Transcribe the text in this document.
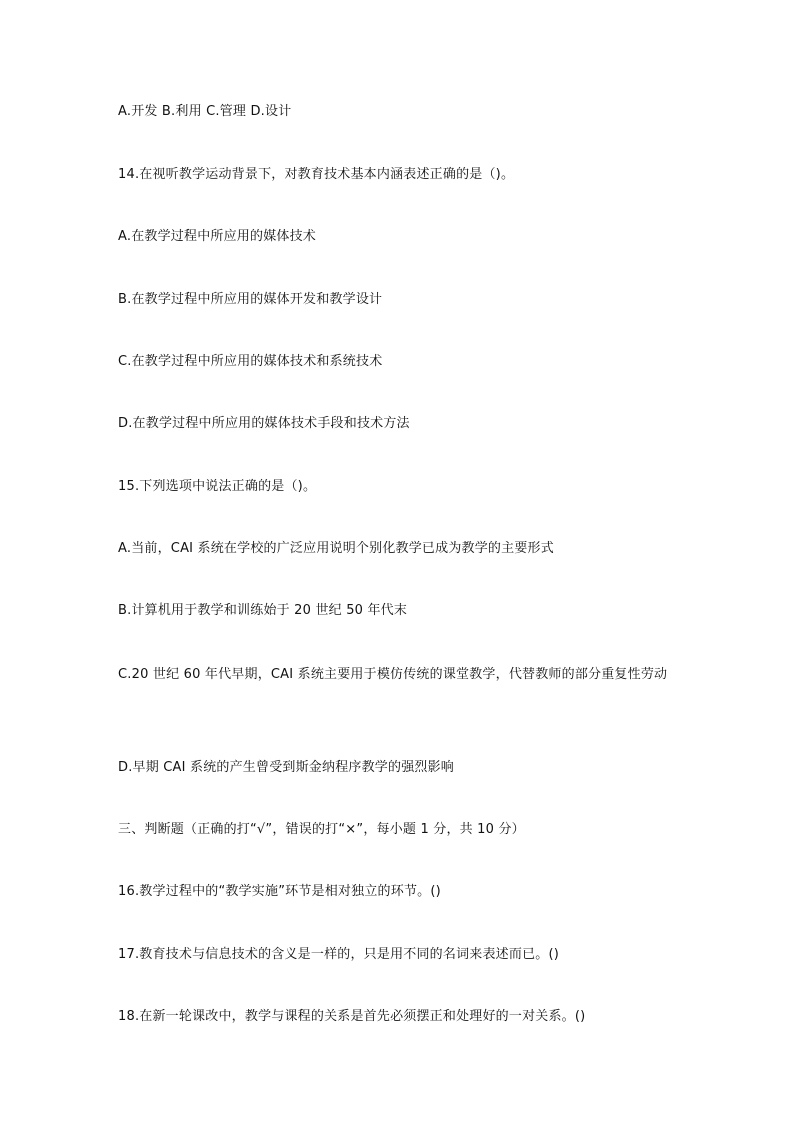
A.开发 B.利用 C.管理 D.设计

14.在视听教学运动背景下，对教育技术基本内涵表述正确的是（)。

A.在教学过程中所应用的媒体技术

B.在教学过程中所应用的媒体开发和教学设计

C.在教学过程中所应用的媒体技术和系统技术

D.在教学过程中所应用的媒体技术手段和技术方法

15.下列选项中说法正确的是（)。

A.当前，CAI 系统在学校的广泛应用说明个别化教学已成为教学的主要形式

B.计算机用于教学和训练始于 20 世纪 50 年代末

C.20 世纪 60 年代早期，CAI 系统主要用于模仿传统的课堂教学，代替教师的部分重复性劳动

D.早期 CAI 系统的产生曾受到斯金纳程序教学的强烈影响

三、判断题（正确的打“√”，错误的打“×”，每小题 1 分，共 10 分）

16.教学过程中的“教学实施”环节是相对独立的环节。()

17.教育技术与信息技术的含义是一样的，只是用不同的名词来表述而已。()

18.在新一轮课改中，教学与课程的关系是首先必须摆正和处理好的一对关系。()
